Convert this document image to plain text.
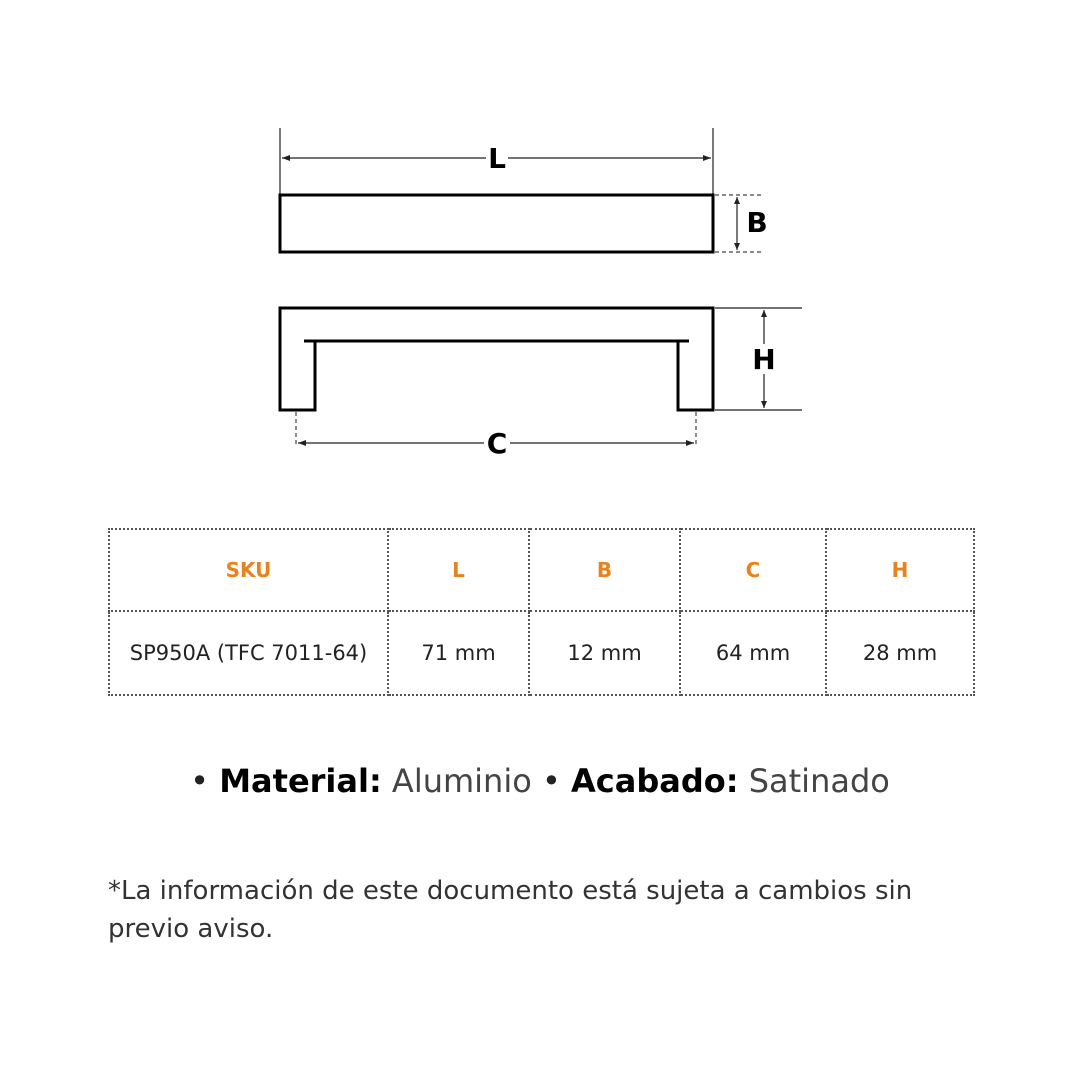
L
B
H
C
SKU	L	B	C	H
SP950A (TFC 7011-64)	71 mm	12 mm	64 mm	28 mm
• Material: Aluminio • Acabado: Satinado
*La información de este documento está sujeta a cambios sin previo aviso.
